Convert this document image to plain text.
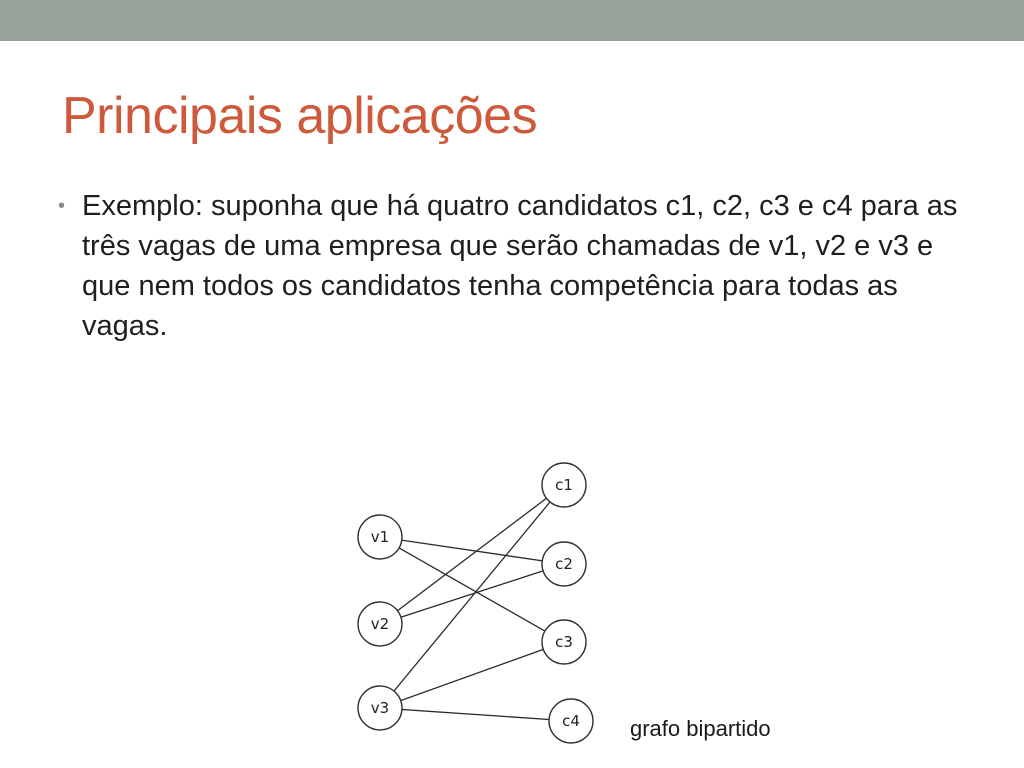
Principais aplicações
• Exemplo: suponha que há quatro candidatos c1, c2, c3 e c4 para as três vagas de uma empresa que serão chamadas de v1, v2 e v3 e que nem todos os candidatos tenha competência para todas as vagas.

v1
v2
v3
c1
c2
c3
c4 grafo bipartido
